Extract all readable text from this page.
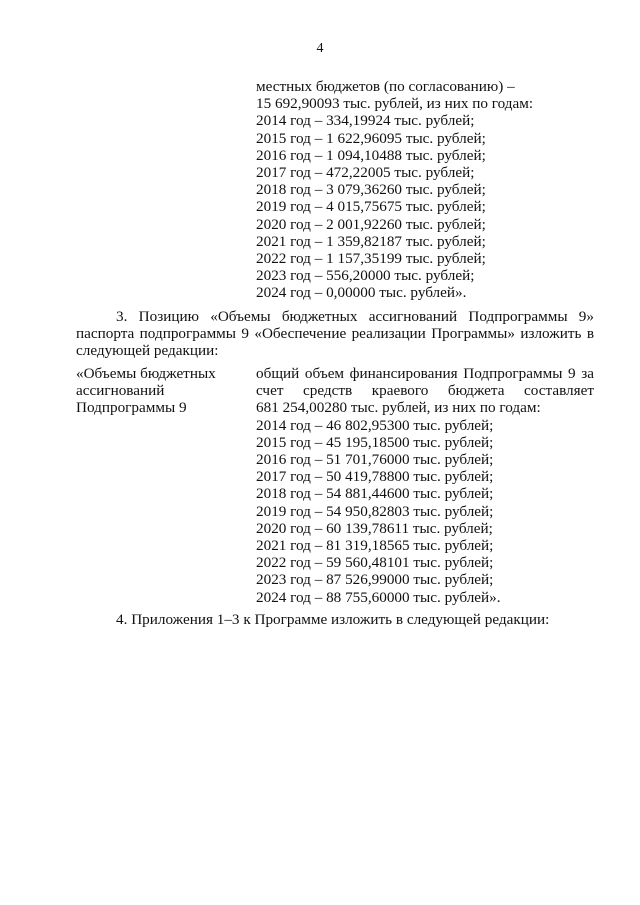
4
местных бюджетов (по согласованию) –
15 692,90093 тыс. рублей, из них по годам:
2014 год – 334,19924 тыс. рублей;
2015 год – 1 622,96095 тыс. рублей;
2016 год – 1 094,10488 тыс. рублей;
2017 год – 472,22005 тыс. рублей;
2018 год – 3 079,36260 тыс. рублей;
2019 год – 4 015,75675 тыс. рублей;
2020 год – 2 001,92260 тыс. рублей;
2021 год – 1 359,82187 тыс. рублей;
2022 год – 1 157,35199 тыс. рублей;
2023 год – 556,20000 тыс. рублей;
2024 год – 0,00000 тыс. рублей».
3. Позицию «Объемы бюджетных ассигнований Подпрограммы 9» паспорта подпрограммы 9 «Обеспечение реализации Программы» изложить в следующей редакции:
«Объемы бюджетных
ассигнований
Подпрограммы 9
общий объем финансирования Подпрограммы 9 за
счет средств краевого бюджета составляет
681 254,00280 тыс. рублей, из них по годам:
2014 год – 46 802,95300 тыс. рублей;
2015 год – 45 195,18500 тыс. рублей;
2016 год – 51 701,76000 тыс. рублей;
2017 год – 50 419,78800 тыс. рублей;
2018 год – 54 881,44600 тыс. рублей;
2019 год – 54 950,82803 тыс. рублей;
2020 год – 60 139,78611 тыс. рублей;
2021 год – 81 319,18565 тыс. рублей;
2022 год – 59 560,48101 тыс. рублей;
2023 год – 87 526,99000 тыс. рублей;
2024 год – 88 755,60000 тыс. рублей».
4. Приложения 1–3 к Программе изложить в следующей редакции:
